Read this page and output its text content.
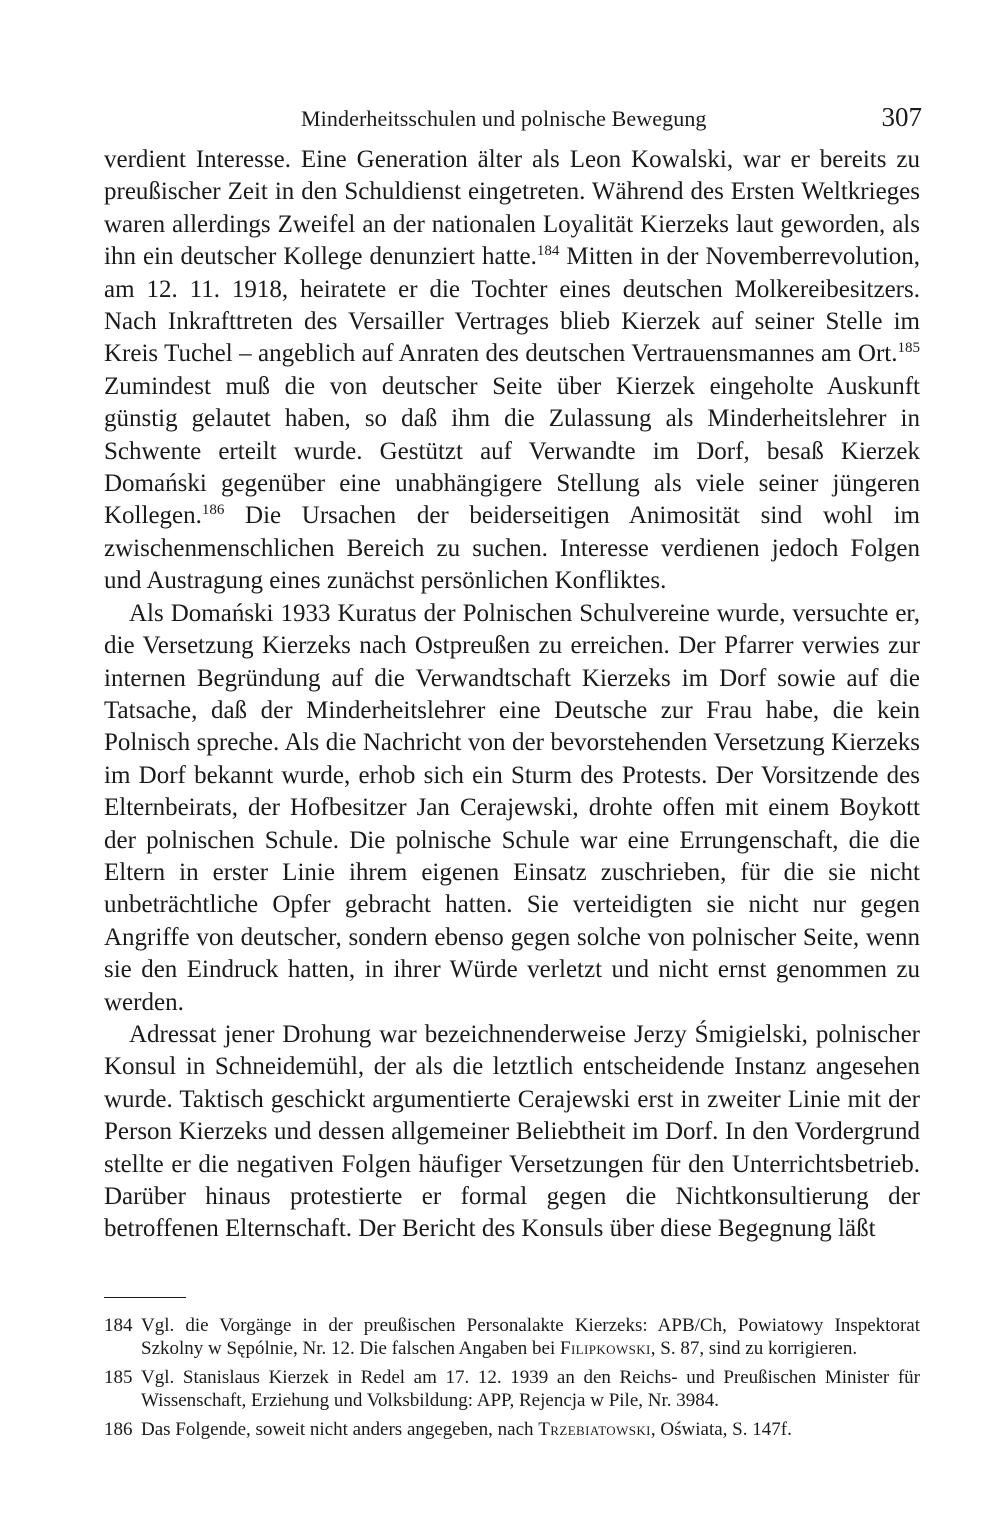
Minderheitsschulen und polnische Bewegung	307

verdient Interesse. Eine Generation älter als Leon Kowalski, war er bereits zu preußischer Zeit in den Schuldienst eingetreten. Während des Ersten Weltkrieges waren allerdings Zweifel an der nationalen Loyalität Kierzeks laut geworden, als ihn ein deutscher Kollege denunziert hatte.$^{184}$ Mitten in der Novemberrevolution, am 12. 11. 1918, heiratete er die Tochter eines deutschen Molkereibesitzers. Nach Inkrafttreten des Versailler Vertrages blieb Kierzek auf seiner Stelle im Kreis Tuchel – angeblich auf Anraten des deutschen Vertrauensmannes am Ort.$^{185}$ Zumindest muß die von deutscher Seite über Kierzek eingeholte Auskunft günstig gelautet haben, so daß ihm die Zulassung als Minderheitslehrer in Schwente erteilt wurde. Gestützt auf Verwandte im Dorf, besaß Kierzek Domański gegenüber eine unabhängigere Stellung als viele seiner jüngeren Kollegen.$^{186}$ Die Ursachen der beiderseitigen Animosität sind wohl im zwischenmenschlichen Bereich zu suchen. Interesse verdienen jedoch Folgen und Austragung eines zunächst persönlichen Konfliktes.

Als Domański 1933 Kuratus der Polnischen Schulvereine wurde, versuchte er, die Versetzung Kierzeks nach Ostpreußen zu erreichen. Der Pfarrer verwies zur internen Begründung auf die Verwandtschaft Kierzeks im Dorf sowie auf die Tatsache, daß der Minderheitslehrer eine Deutsche zur Frau habe, die kein Polnisch spreche. Als die Nachricht von der bevorstehenden Versetzung Kierzeks im Dorf bekannt wurde, erhob sich ein Sturm des Protests. Der Vorsitzende des Elternbeirats, der Hofbesitzer Jan Cerajewski, drohte offen mit einem Boykott der polnischen Schule. Die polnische Schule war eine Errungenschaft, die die Eltern in erster Linie ihrem eigenen Einsatz zuschrieben, für die sie nicht unbeträchtliche Opfer gebracht hatten. Sie verteidigten sie nicht nur gegen Angriffe von deutscher, sondern ebenso gegen solche von polnischer Seite, wenn sie den Eindruck hatten, in ihrer Würde verletzt und nicht ernst genommen zu werden.

Adressat jener Drohung war bezeichnenderweise Jerzy Śmigielski, polnischer Konsul in Schneidemühl, der als die letztlich entscheidende Instanz angesehen wurde. Taktisch geschickt argumentierte Cerajewski erst in zweiter Linie mit der Person Kierzeks und dessen allgemeiner Beliebtheit im Dorf. In den Vordergrund stellte er die negativen Folgen häufiger Versetzungen für den Unterrichtsbetrieb. Darüber hinaus protestierte er formal gegen die Nichtkonsultierung der betroffenen Elternschaft. Der Bericht des Konsuls über diese Begegnung läßt

184 Vgl. die Vorgänge in der preußischen Personalakte Kierzeks: APB/Ch, Powiatowy Inspektorat Szkolny w Sępólnie, Nr. 12. Die falschen Angaben bei Filipkowski, S. 87, sind zu korrigieren.
185 Vgl. Stanislaus Kierzek in Redel am 17. 12. 1939 an den Reichs- und Preußischen Minister für Wissenschaft, Erziehung und Volksbildung: APP, Rejencja w Pile, Nr. 3984.
186 Das Folgende, soweit nicht anders angegeben, nach Trzebiatowski, Oświata, S. 147f.
